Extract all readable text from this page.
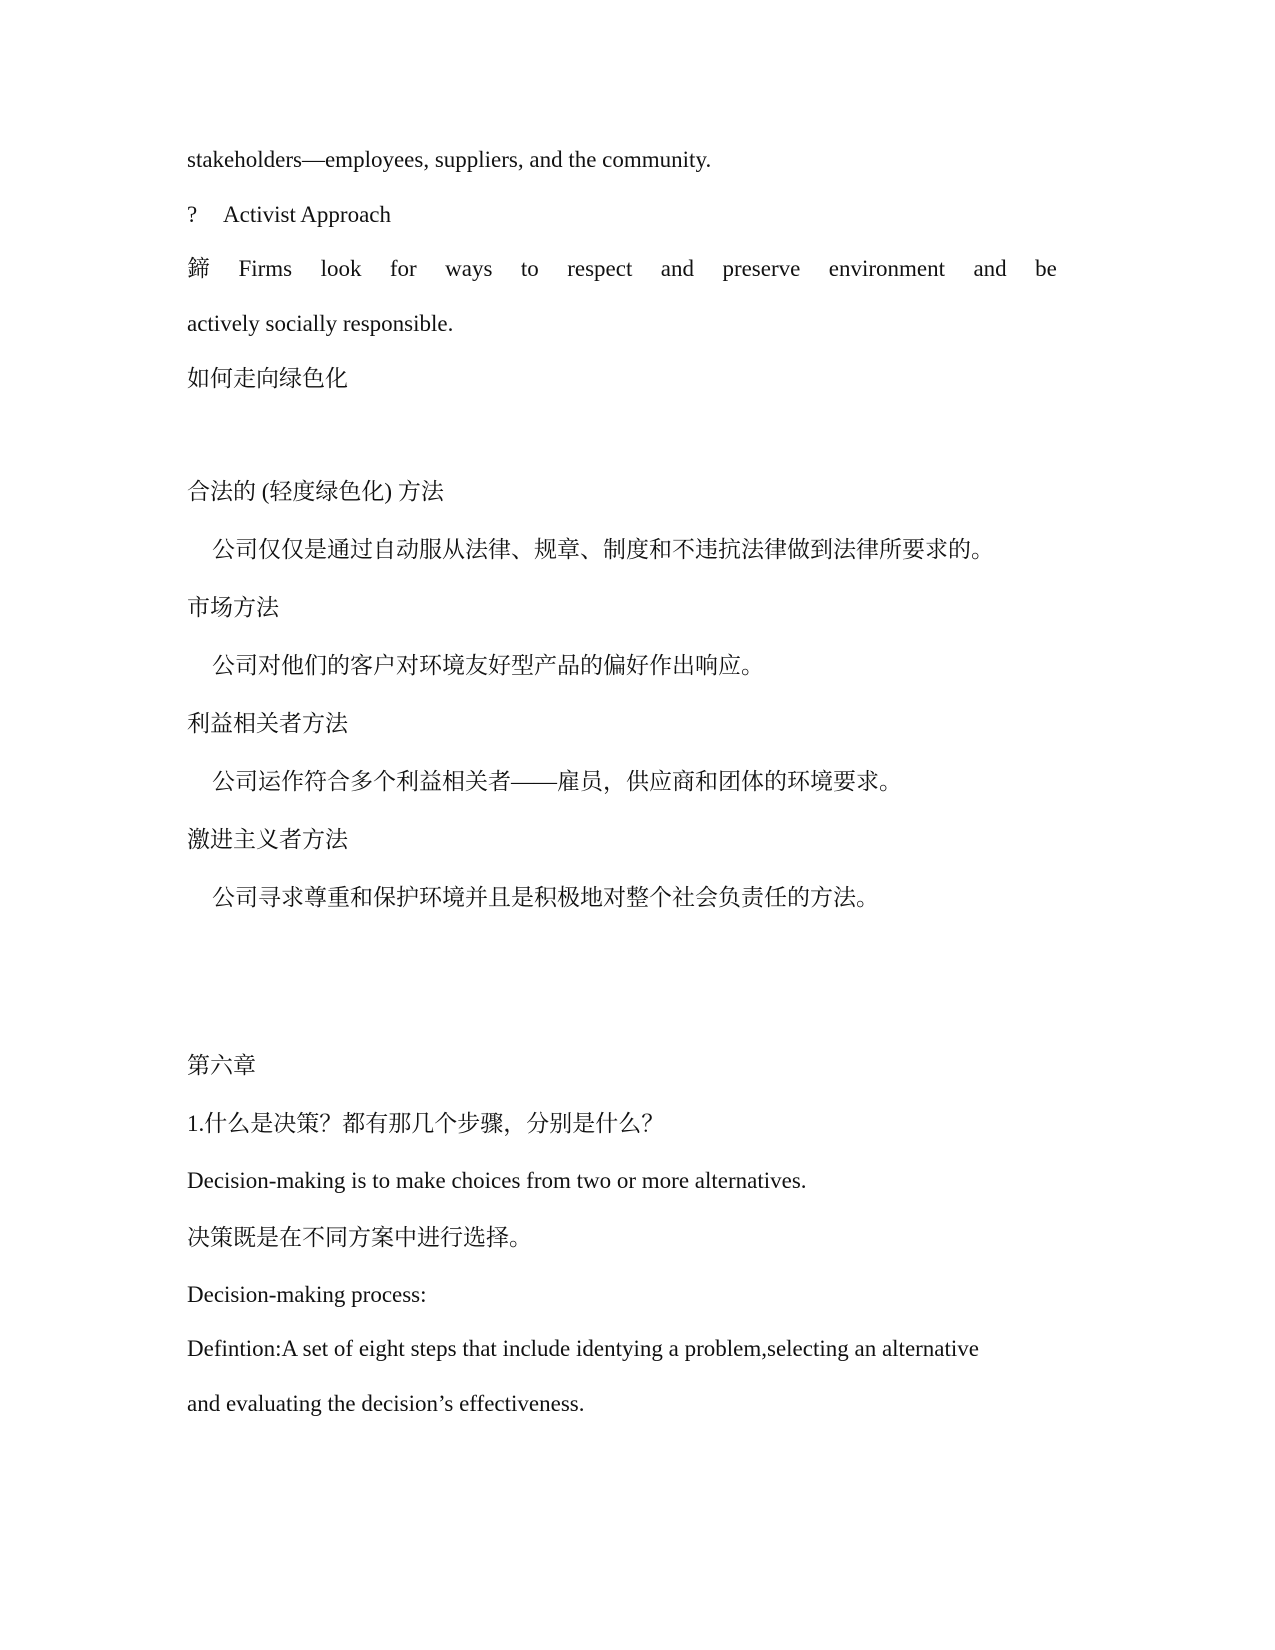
stakeholders—employees, suppliers, and the community.
? Activist Approach
鍗 Firms look for ways to respect and preserve environment and be
actively socially responsible.
如何走向绿色化
合法的 (轻度绿色化) 方法
公司仅仅是通过自动服从法律、规章、制度和不违抗法律做到法律所要求的。
市场方法
公司对他们的客户对环境友好型产品的偏好作出响应。
利益相关者方法
公司运作符合多个利益相关者——雇员，供应商和团体的环境要求。
激进主义者方法
公司寻求尊重和保护环境并且是积极地对整个社会负责任的方法。
第六章
1.什么是决策？都有那几个步骤，分别是什么？
Decision-making is to make choices from two or more alternatives.
决策既是在不同方案中进行选择。
Decision-making process:
Defintion:A set of eight steps that include identying a problem,selecting an alternative
and evaluating the decision’s effectiveness.
